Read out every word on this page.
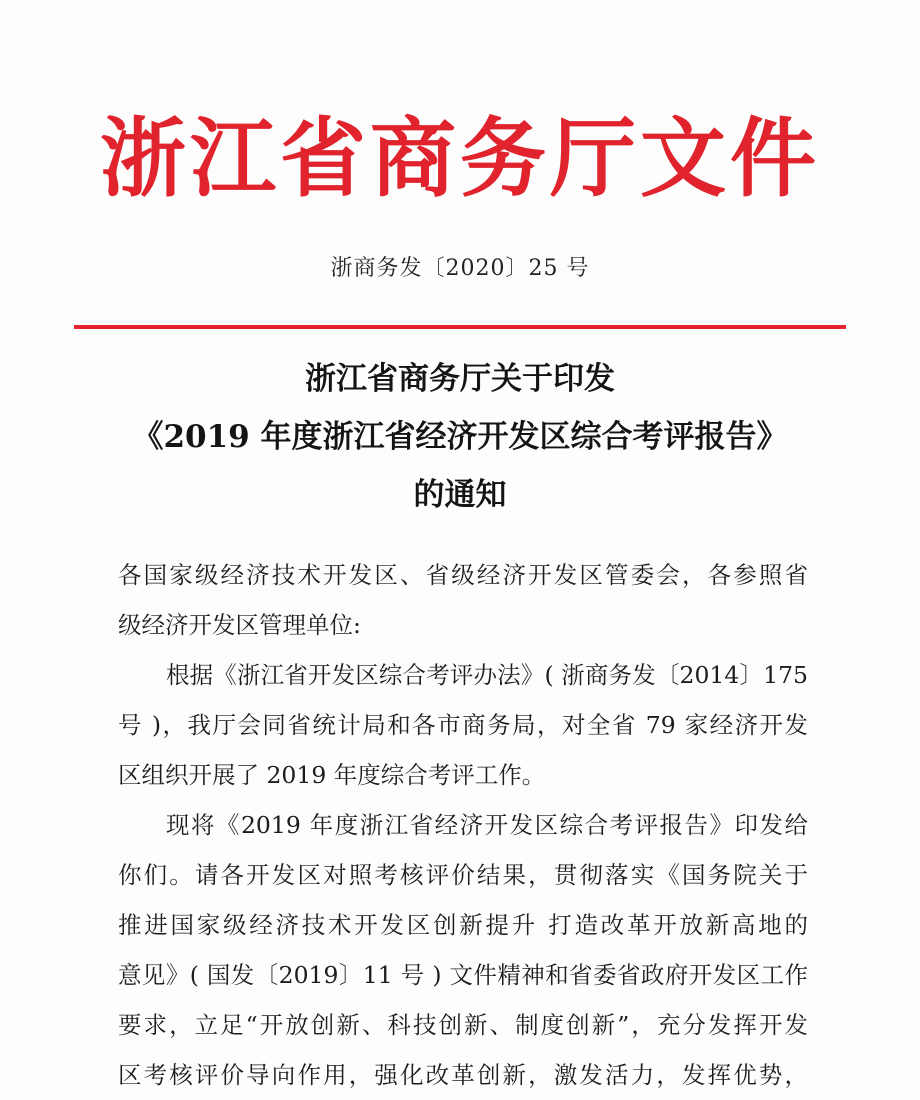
浙江省商务厅文件
浙商务发〔2020〕25 号
浙江省商务厅关于印发
《2019 年度浙江省经济开发区综合考评报告》
的通知
各国家级经济技术开发区、省级经济开发区管委会，各参照省
级经济开发区管理单位:
根据《浙江省开发区综合考评办法》( 浙商务发〔2014〕175
号 )，我厅会同省统计局和各市商务局，对全省 79 家经济开发
区组织开展了 2019 年度综合考评工作。
现将《2019 年度浙江省经济开发区综合考评报告》印发给
你们。请各开发区对照考核评价结果，贯彻落实《国务院关于
推进国家级经济技术开发区创新提升 打造改革开放新高地的
意见》( 国发〔2019〕11 号 ) 文件精神和省委省政府开发区工作
要求，立足“开放创新、科技创新、制度创新”，充分发挥开发
区考核评价导向作用，强化改革创新，激发活力，发挥优势，
